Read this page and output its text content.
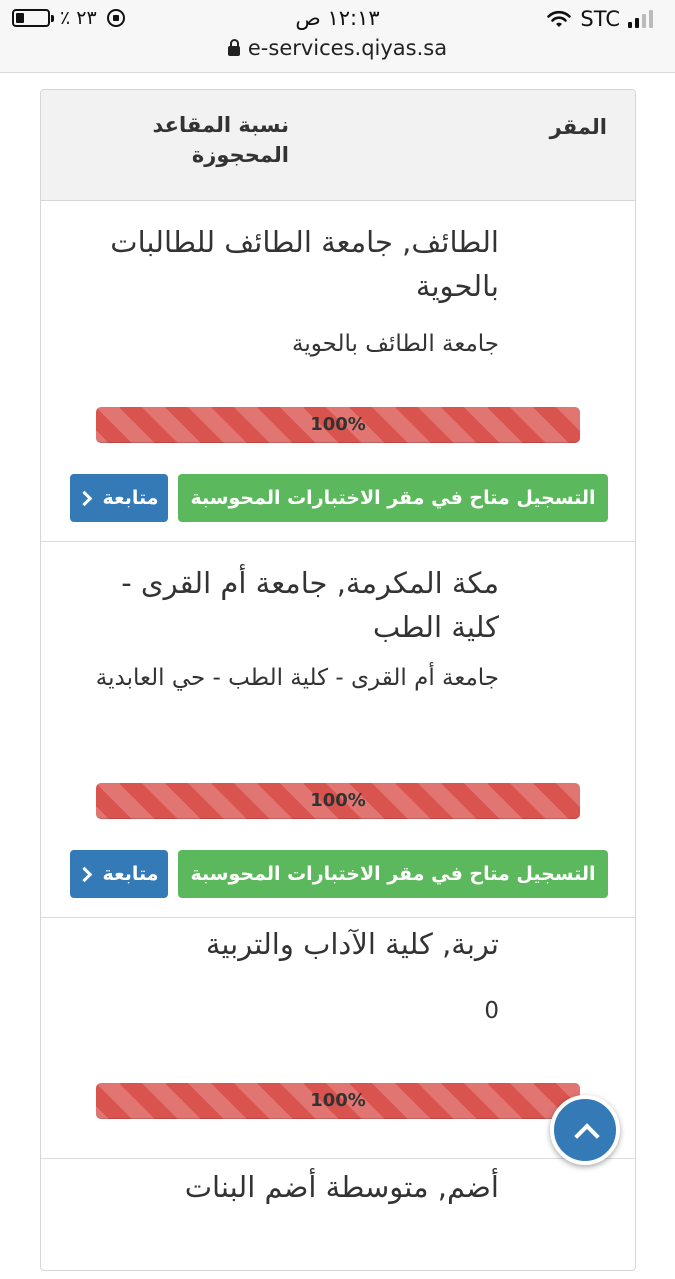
STC
١٢:١٣ ص
٪ ٢٣
e-services.qiyas.sa
المقر
نسبة المقاعد المحجوزة
الطائف, جامعة الطائف للطالبات بالحوية
جامعة الطائف بالحوية
100%
التسجيل متاح في مقر الاختبارات المحوسبة
متابعة
مكة المكرمة, جامعة أم القرى - كلية الطب
جامعة أم القرى - كلية الطب - حي العابدية
100%
التسجيل متاح في مقر الاختبارات المحوسبة
متابعة
تربة, كلية الآداب والتربية
0
100%
أضم, متوسطة أضم البنات
